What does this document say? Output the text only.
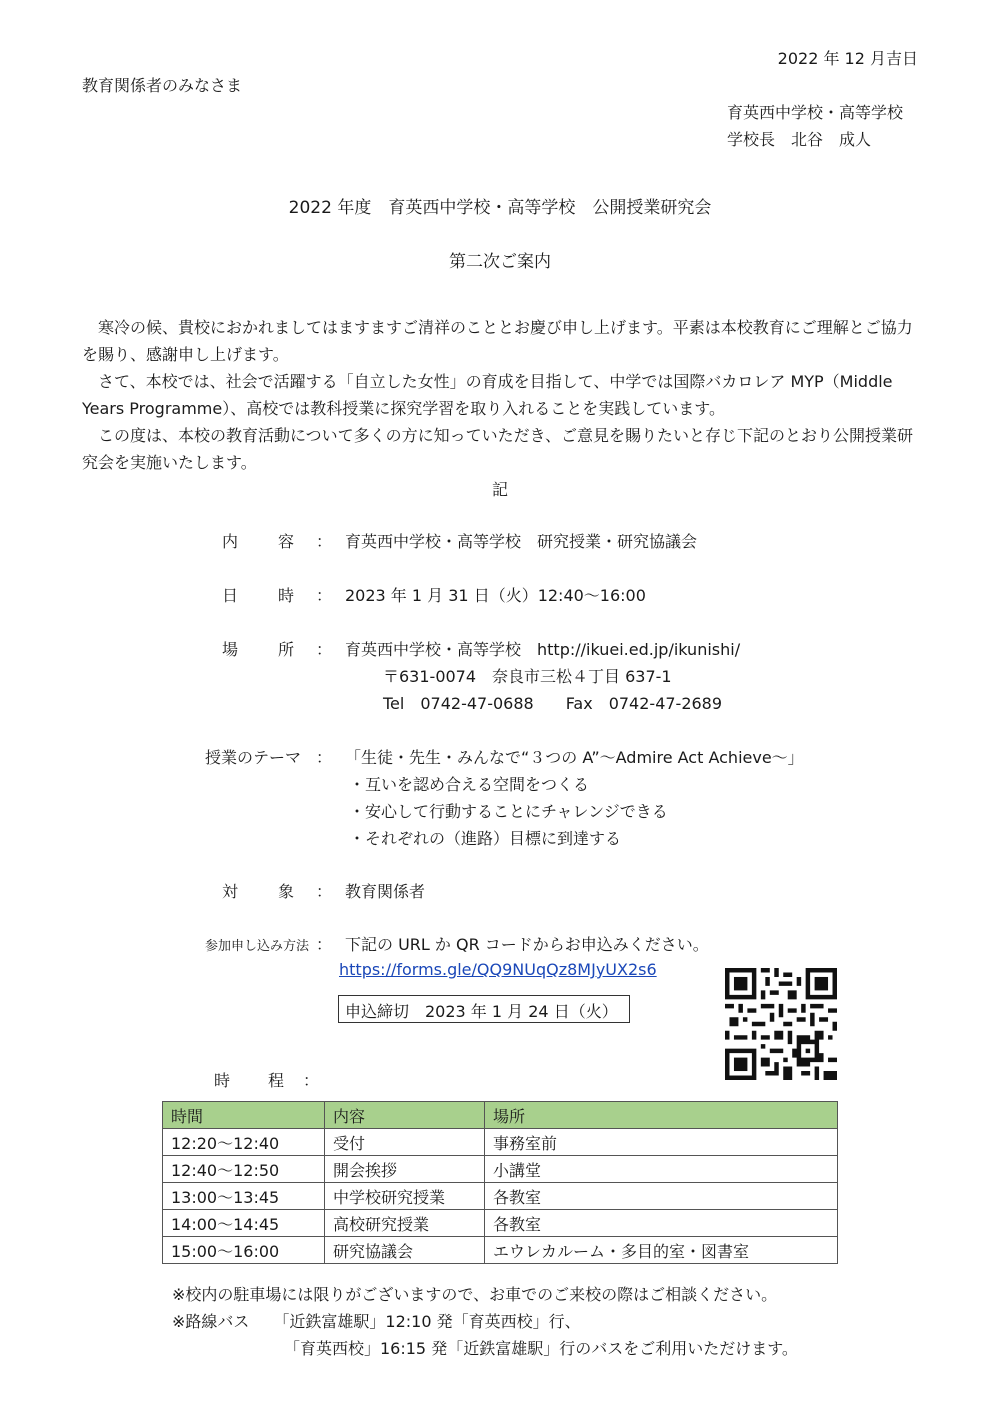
2022 年 12 月吉日
教育関係者のみなさま
育英西中学校・高等学校
学校長　北谷　成人
2022 年度　育英西中学校・高等学校　公開授業研究会
第二次ご案内
寒冷の候、貴校におかれましてはますますご清祥のこととお慶び申し上げます。平素は本校教育にご理解とご協力を賜り、感謝申し上げます。
さて、本校では、社会で活躍する「自立した女性」の育成を目指して、中学では国際バカロレア MYP（Middle Years Programme）、高校では教科授業に探究学習を取り入れることを実践しています。
この度は、本校の教育活動について多くの方に知っていただき、ご意見を賜りたいと存じ下記のとおり公開授業研究会を実施いたします。
記
内 容 ： 育英西中学校・高等学校　研究授業・研究協議会
日 時 ： 2023 年 1 月 31 日（火）12:40～16:00
場 所 ： 育英西中学校・高等学校　http://ikuei.ed.jp/ikunishi/
〒631-0074　奈良市三松４丁目 637-1
Tel　0742-47-0688　　Fax　0742-47-2689
授業のテーマ ： 「生徒・先生・みんなで“３つの A”～Admire Act Achieve～」
・互いを認め合える空間をつくる
・安心して行動することにチャレンジできる
・それぞれの（進路）目標に到達する
対 象 ： 教育関係者
参加申し込み方法 ： 下記の URL か QR コードからお申込みください。
https://forms.gle/QQ9NUqQz8MJyUX2s6
申込締切　2023 年 1 月 24 日（火）
時 程 ：
時間	内容	場所
12:20～12:40	受付	事務室前
12:40～12:50	開会挨拶	小講堂
13:00～13:45	中学校研究授業	各教室
14:00～14:45	高校研究授業	各教室
15:00～16:00	研究協議会	エウレカルーム・多目的室・図書室
※校内の駐車場には限りがございますので、お車でのご来校の際はご相談ください。
※路線バス　　「近鉄富雄駅」12:10 発「育英西校」行、
「育英西校」16:15 発「近鉄富雄駅」行のバスをご利用いただけます。
